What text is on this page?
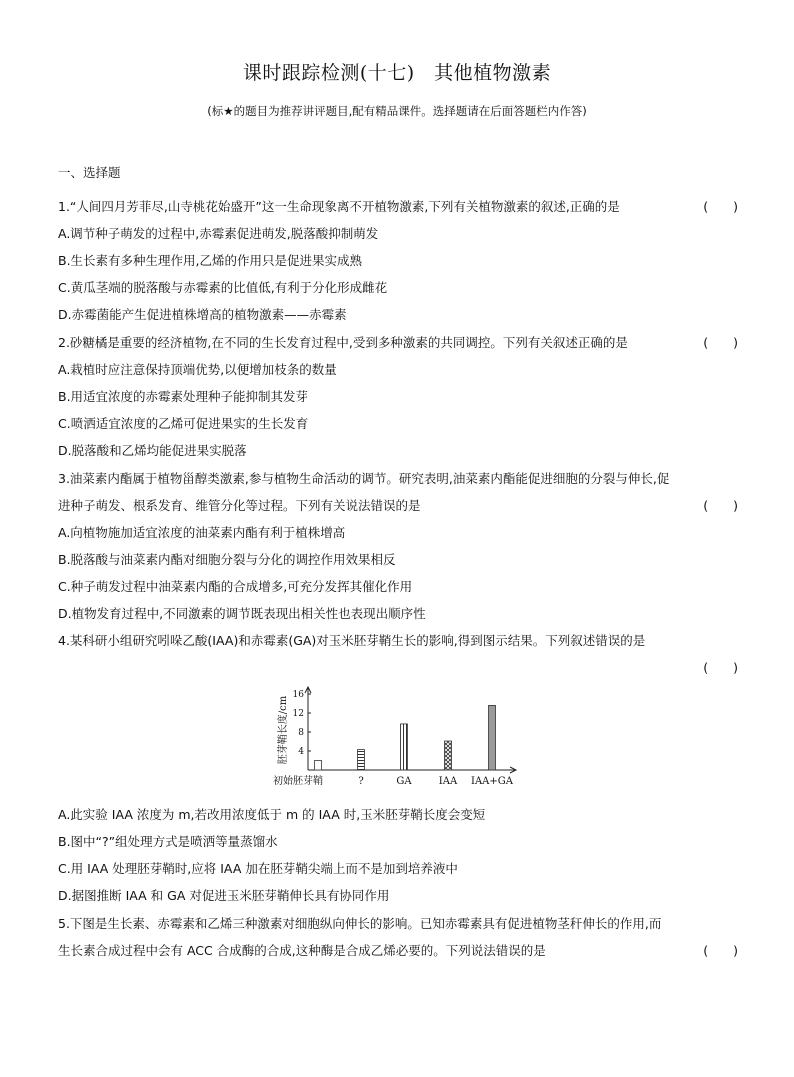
课时跟踪检测(十七)　其他植物激素
(标★的题目为推荐讲评题目,配有精品课件。选择题请在后面答题栏内作答)
一、选择题
1.“人间四月芳菲尽,山寺桃花始盛开”这一生命现象离不开植物激素,下列有关植物激素的叙述,正确的是	(　　)
A.调节种子萌发的过程中,赤霉素促进萌发,脱落酸抑制萌发
B.生长素有多种生理作用,乙烯的作用只是促进果实成熟
C.黄瓜茎端的脱落酸与赤霉素的比值低,有利于分化形成雌花
D.赤霉菌能产生促进植株增高的植物激素——赤霉素
2.砂糖橘是重要的经济植物,在不同的生长发育过程中,受到多种激素的共同调控。下列有关叙述正确的是	(　　)
A.栽植时应注意保持顶端优势,以便增加枝条的数量
B.用适宜浓度的赤霉素处理种子能抑制其发芽
C.喷洒适宜浓度的乙烯可促进果实的生长发育
D.脱落酸和乙烯均能促进果实脱落
3.油菜素内酯属于植物甾醇类激素,参与植物生命活动的调节。研究表明,油菜素内酯能促进细胞的分裂与伸长,促
进种子萌发、根系发育、维管分化等过程。下列有关说法错误的是	(　　)
A.向植物施加适宜浓度的油菜素内酯有利于植株增高
B.脱落酸与油菜素内酯对细胞分裂与分化的调控作用效果相反
C.种子萌发过程中油菜素内酯的合成增多,可充分发挥其催化作用
D.植物发育过程中,不同激素的调节既表现出相关性也表现出顺序性
4.某科研小组研究吲哚乙酸(IAA)和赤霉素(GA)对玉米胚芽鞘生长的影响,得到图示结果。下列叙述错误的是
(　　)
4
8
12
16
胚芽鞘长度/cm
初始胚芽鞘	?	GA	IAA IAA+GA
A.此实验 IAA 浓度为 m,若改用浓度低于 m 的 IAA 时,玉米胚芽鞘长度会变短
B.图中“?”组处理方式是喷洒等量蒸馏水
C.用 IAA 处理胚芽鞘时,应将 IAA 加在胚芽鞘尖端上而不是加到培养液中
D.据图推断 IAA 和 GA 对促进玉米胚芽鞘伸长具有协同作用
5.下图是生长素、赤霉素和乙烯三种激素对细胞纵向伸长的影响。已知赤霉素具有促进植物茎秆伸长的作用,而
生长素合成过程中会有 ACC 合成酶的合成,这种酶是合成乙烯必要的。下列说法错误的是	(　　)
